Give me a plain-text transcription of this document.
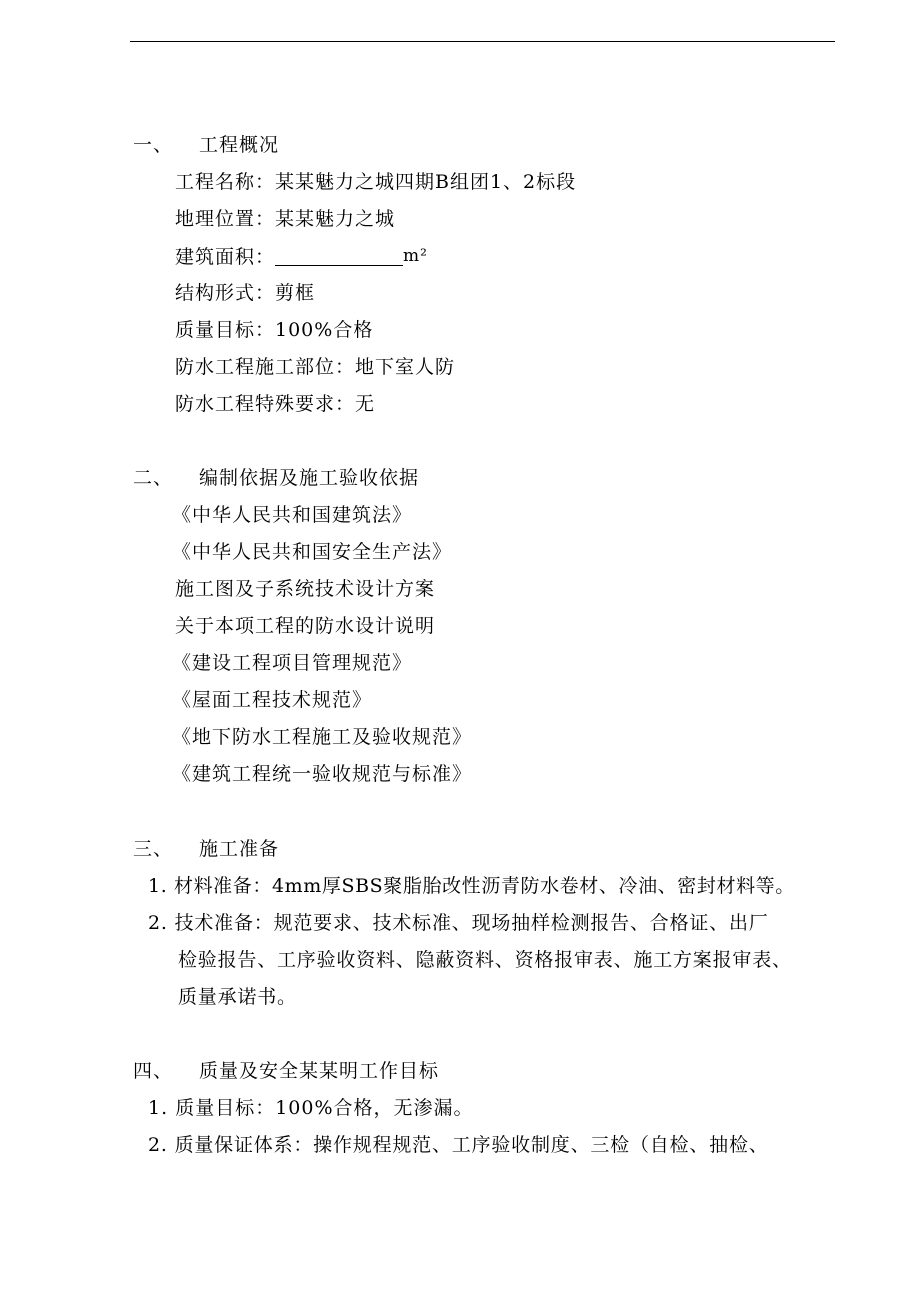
一、 工程概况
工程名称：某某魅力之城四期B组团1、2标段
地理位置：某某魅力之城
建筑面积：	m²
结构形式：剪框
质量目标：100%合格
防水工程施工部位：地下室人防
防水工程特殊要求：无
二、 编制依据及施工验收依据
《中华人民共和国建筑法》
《中华人民共和国安全生产法》
施工图及子系统技术设计方案
关于本项工程的防水设计说明
《建设工程项目管理规范》
《屋面工程技术规范》
《地下防水工程施工及验收规范》
《建筑工程统一验收规范与标准》
三、 施工准备
1. 材料准备：4mm厚SBS聚脂胎改性沥青防水卷材、冷油、密封材料等。
2. 技术准备：规范要求、技术标准、现场抽样检测报告、合格证、出厂
检验报告、工序验收资料、隐蔽资料、资格报审表、施工方案报审表、
质量承诺书。
四、 质量及安全某某明工作目标
1. 质量目标：100%合格，无渗漏。
2. 质量保证体系：操作规程规范、工序验收制度、三检（自检、抽检、
